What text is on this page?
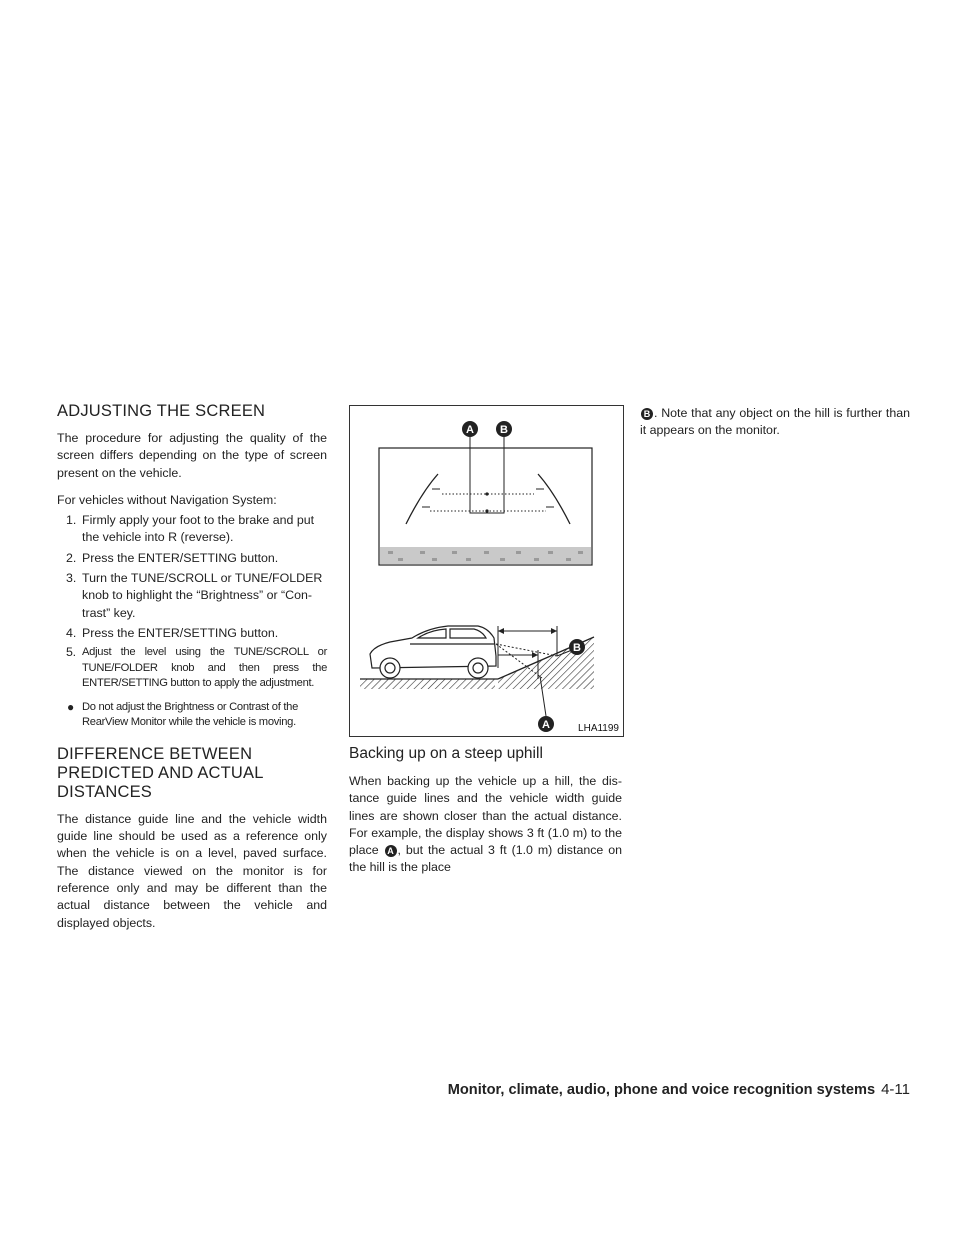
ADJUSTING THE SCREEN

The procedure for adjusting the quality of the screen differs depending on the type of screen present on the vehicle.

For vehicles without Navigation System:

1. Firmly apply your foot to the brake and put the vehicle into R (reverse).
2. Press the ENTER/SETTING button.
3. Turn the TUNE/SCROLL or TUNE/FOLDER knob to highlight the “Brightness” or “Con-trast” key.
4. Press the ENTER/SETTING button.
5. Adjust the level using the TUNE/SCROLL or TUNE/FOLDER knob and then press the ENTER/SETTING button to apply the adjustment.
● Do not adjust the Brightness or Contrast of the RearView Monitor while the vehicle is moving.
DIFFERENCE BETWEEN PREDICTED AND ACTUAL DISTANCES

The distance guide line and the vehicle width guide line should be used as a reference only when the vehicle is on a level, paved surface. The distance viewed on the monitor is for reference only and may be different than the actual distance between the vehicle and displayed objects.

A B
B
A	LHA1199
Backing up on a steep uphill

When backing up the vehicle up a hill, the dis-tance guide lines and the vehicle width guide lines are shown closer than the actual distance. For example, the display shows 3 ft (1.0 m) to the place A , but the actual 3 ft (1.0 m) distance on the hill is the place

B . Note that any object on the hill is further than it appears on the monitor.

Monitor, climate, audio, phone and voice recognition systems 4-11
